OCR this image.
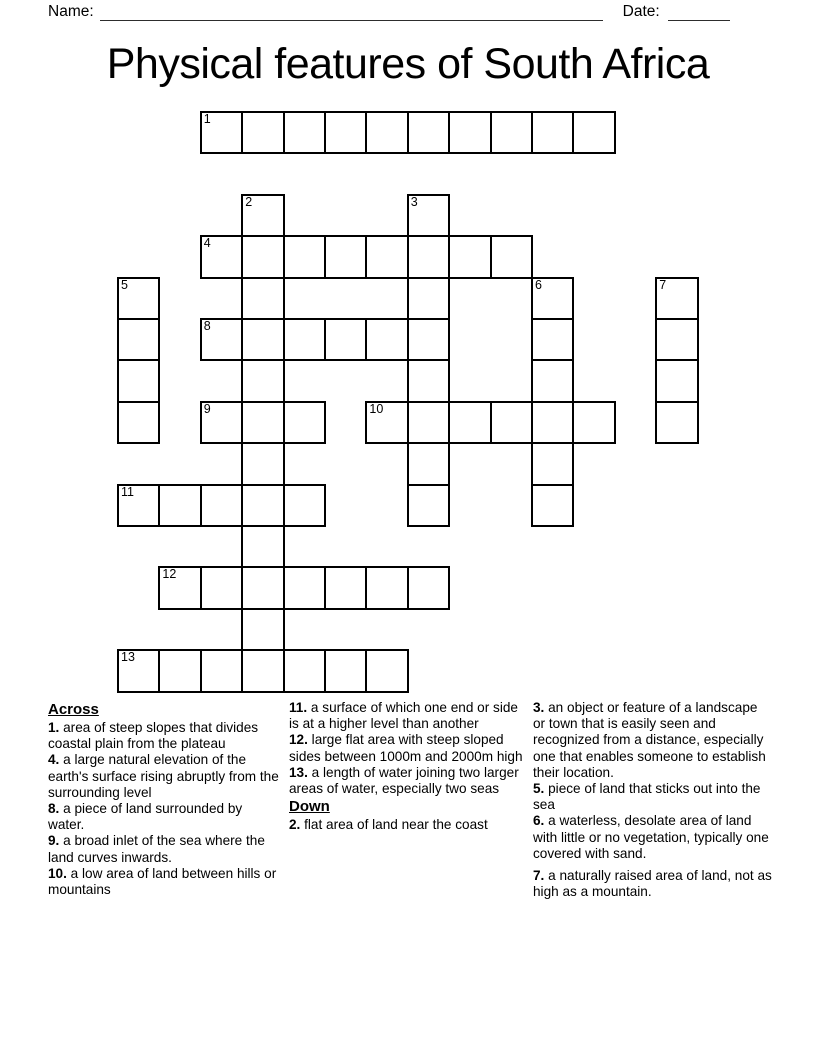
Name:	Date:
Physical features of South Africa
1
2	3
4
5	6	7
8
9	10
11
12
13
Across
1. area of steep slopes that divides coastal plain from the plateau
4. a large natural elevation of the earth's surface rising abruptly from the surrounding level
8. a piece of land surrounded by water.
9. a broad inlet of the sea where the land curves inwards.
10. a low area of land between hills or mountains
11. a surface of which one end or side is at a higher level than another
12. large flat area with steep sloped sides between 1000m and 2000m high
13. a length of water joining two larger areas of water, especially two seas
Down
2. flat area of land near the coast
3. an object or feature of a landscape or town that is easily seen and recognized from a distance, especially one that enables someone to establish their location.
5. piece of land that sticks out into the sea
6. a waterless, desolate area of land with little or no vegetation, typically one covered with sand.
7. a naturally raised area of land, not as high as a mountain.
